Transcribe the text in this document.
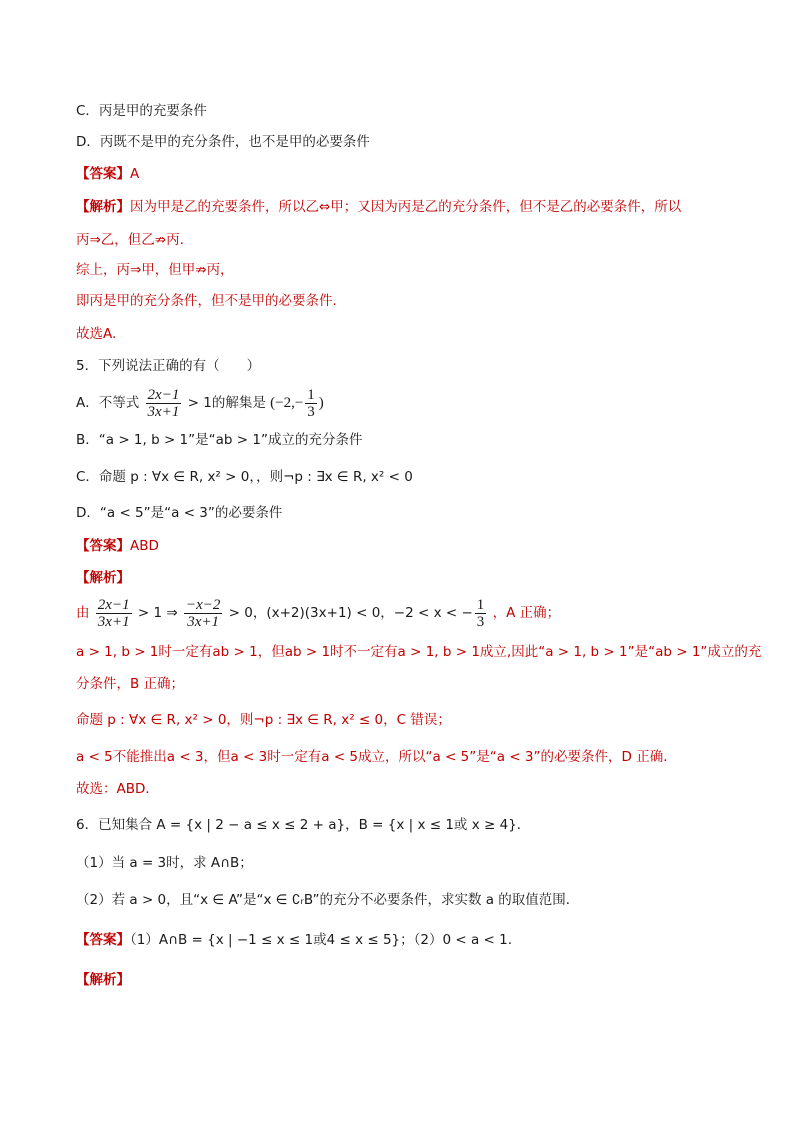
C．丙是甲的充要条件
D．丙既不是甲的充分条件，也不是甲的必要条件
【答案】A
【解析】因为甲是乙的充要条件，所以乙⇔甲；又因为丙是乙的充分条件，但不是乙的必要条件，所以
丙⇒乙，但乙⇏丙.
综上，丙⇒甲，但甲⇏丙，
即丙是甲的充分条件，但不是甲的必要条件．
故选A.
5．下列说法正确的有（　　）
A．不等式 $\frac{2x-1}{3x+1} > 1$的解集是 ($-2,- \frac{1}{3}$ )
B．“a > 1, b > 1”是“ab > 1”成立的充分条件
C．命题 p : ∀x ∈ R, x² > 0，，则¬p : ∃x ∈ R, x² < 0
D．“a < 5”是“a < 3”的必要条件
【答案】ABD
【解析】
由 $\frac{2x-1}{3x+1} > 1$ ⇒ $\frac{-x-2}{3x+1} > 0$，(x+2)(3x+1) < 0，−2 < x < − $\frac{1}{3}$ ，A 正确；
a > 1, b > 1时一定有ab > 1，但ab > 1时不一定有a > 1, b > 1成立,因此“a > 1, b > 1”是“ab > 1”成立的充
分条件，B 正确；
命题 p : ∀x ∈ R, x² > 0，则¬p : ∃x ∈ R, x² ≤ 0，C 错误；
a < 5不能推出a < 3，但a < 3时一定有a < 5成立，所以“a < 5”是“a < 3”的必要条件，D 正确．
故选：ABD．
6．已知集合 A = {x | 2 − a ≤ x ≤ 2 + a}，B = {x | x ≤ 1或 x ≥ 4}．
（1）当 a = 3时，求 A∩B；
（2）若 a > 0，且“x ∈ A”是“x ∈ ∁ᵣB”的充分不必要条件，求实数 a 的取值范围．
【答案】（1）A∩B = {x | −1 ≤ x ≤ 1或4 ≤ x ≤ 5}；（2）0 < a < 1.
【解析】
